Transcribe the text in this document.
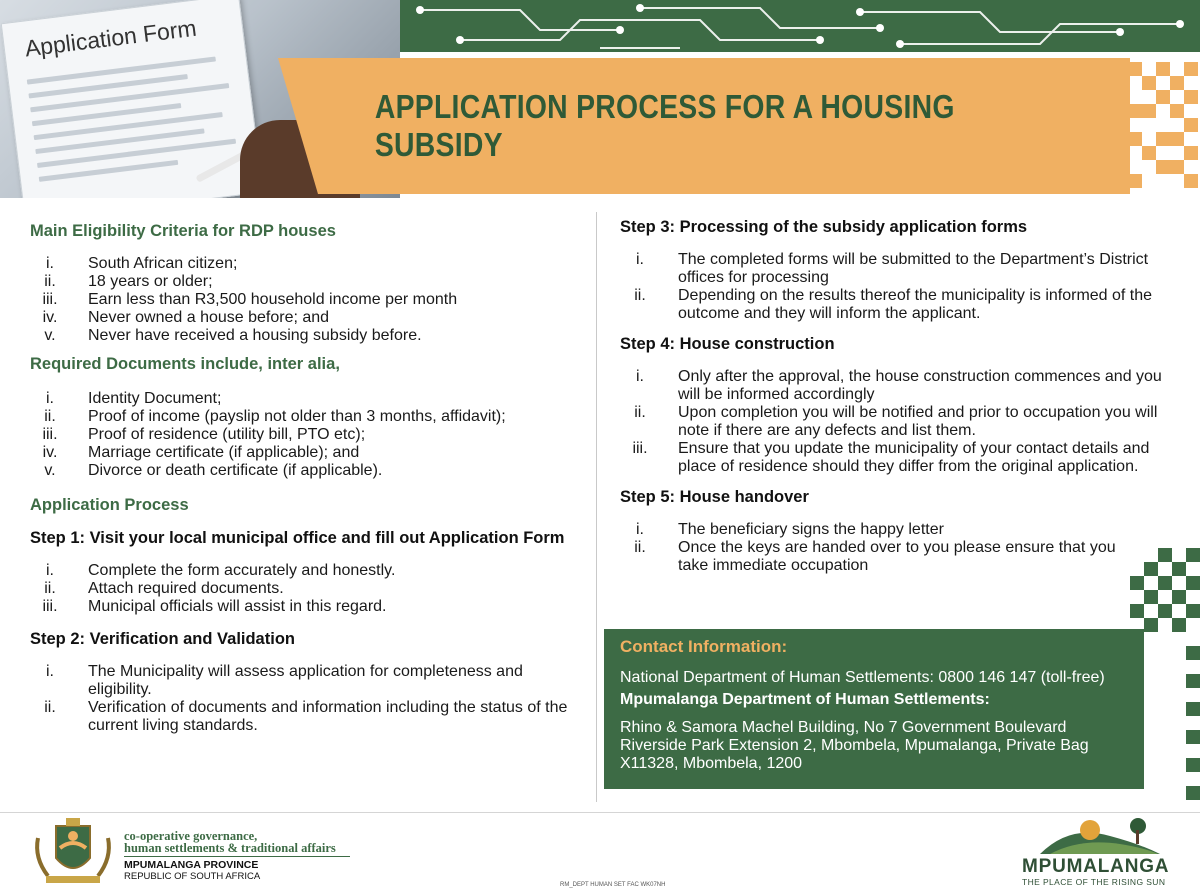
Application Form
APPLICATION PROCESS FOR A HOUSING SUBSIDY
Main Eligibility Criteria for RDP houses
i.	South African citizen;
ii.	18 years or older;
iii.	Earn less than R3,500 household income per month
iv.	Never owned a house before; and
v.	Never have received a housing subsidy before.
Required Documents include, inter alia,
i.	Identity Document;
ii.	Proof of income (payslip not older than 3 months, affidavit);
iii.	Proof of residence (utility bill, PTO etc);
iv.	Marriage certificate (if applicable); and
v.	Divorce or death certificate (if applicable).
Application Process
Step 1: Visit your local municipal office and fill out Application Form
i.	Complete the form accurately and honestly.
ii.	Attach required documents.
iii.	Municipal officials will assist in this regard.
Step 2: Verification and Validation
i.	The Municipality will assess application for completeness and eligibility.
ii.	Verification of documents and information including the status of the current living standards.
Step 3: Processing of the subsidy application forms
i.	The completed forms will be submitted to the Department’s District offices for processing
ii.	Depending on the results thereof the municipality is informed of the outcome and they will inform the applicant.
Step 4: House construction
i.	Only after the approval, the house construction commences and you will be informed accordingly
ii.	Upon completion you will be notified and prior to occupation you will note if there are any defects and list them.
iii.	Ensure that you update the municipality of your contact details and place of residence should they differ from the original application.
Step 5: House handover
i.	The beneficiary signs the happy letter
ii.	Once the keys are handed over to you please ensure that you take immediate occupation
Contact Information:
National Department of Human Settlements: 0800 146 147 (toll-free)
Mpumalanga Department of Human Settlements:
Rhino & Samora Machel Building, No 7 Government Boulevard Riverside Park Extension 2, Mbombela, Mpumalanga, Private Bag X11328, Mbombela, 1200
co-operative governance,
human settlements & traditional affairs
MPUMALANGA PROVINCE
REPUBLIC OF SOUTH AFRICA
RM_DEPT HUMAN SET FAC WK07NH
MPUMALANGA
THE PLACE OF THE RISING SUN
